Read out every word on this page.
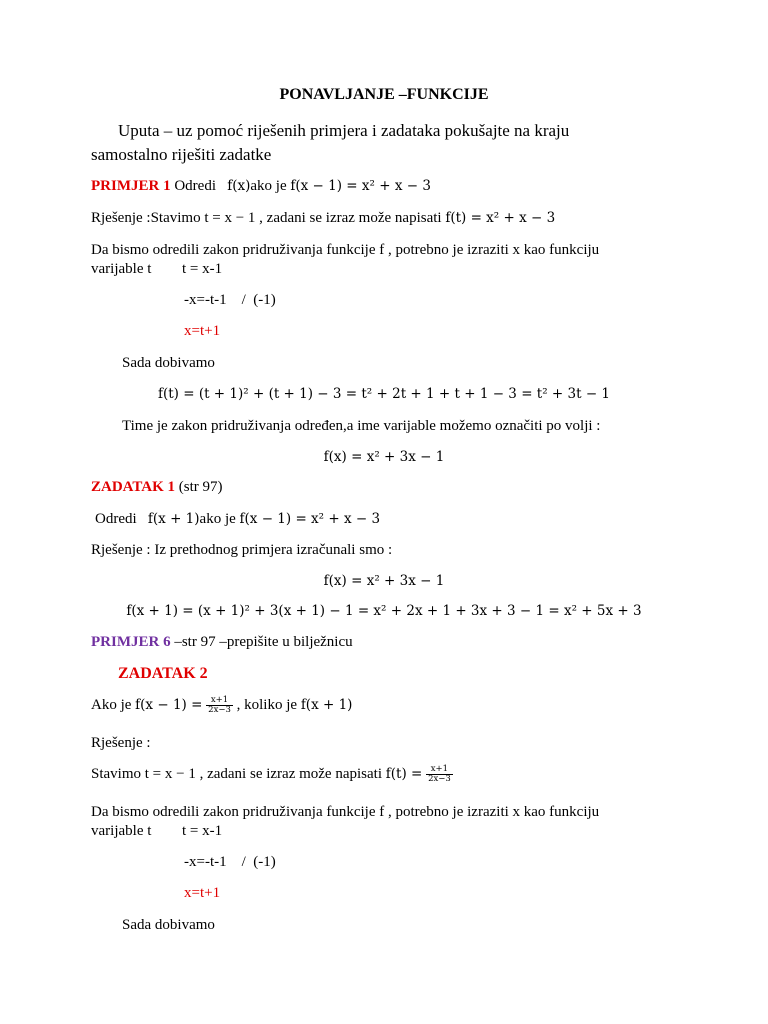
PONAVLJANJE –FUNKCIJE
Uputa – uz pomoć riješenih primjera i zadataka pokušajte na kraju
samostalno riješiti zadatke
PRIMJER 1 Odredi f(x)ako je f(x − 1) = x² + x − 3
Rješenje :Stavimo t = x − 1 , zadani se izraz može napisati f(t) = x² + x − 3
Da bismo odredili zakon pridruživanja funkcije f , potrebno je izraziti x kao funkciju
varijable t t = x-1
-x=-t-1    /  (-1)
x=t+1
Sada dobivamo
f(t) = (t + 1)² + (t + 1) − 3 = t² + 2t + 1 + t + 1 − 3 = t² + 3t − 1
Time je zakon pridruživanja određen,a ime varijable možemo označiti po volji :
f(x) = x² + 3x − 1
ZADATAK 1 (str 97)
Odredi f(x + 1)ako je f(x − 1) = x² + x − 3
Rješenje : Iz prethodnog primjera izračunali smo :
f(x) = x² + 3x − 1
f(x + 1) = (x + 1)² + 3(x + 1) − 1 = x² + 2x + 1 + 3x + 3 − 1 = x² + 5x + 3
PRIMJER 6 –str 97 –prepišite u bilježnicu
ZADATAK 2
Ako je $f(x - 1) = \frac{x+1}{2x-3}$ , koliko je f(x + 1)
Rješenje :
Stavimo t = x − 1 , zadani se izraz može napisati $f(t) = \frac{x+1}{2x-3}$
Da bismo odredili zakon pridruživanja funkcije f , potrebno je izraziti x kao funkciju
varijable t t = x-1
-x=-t-1    /  (-1)
x=t+1
Sada dobivamo
